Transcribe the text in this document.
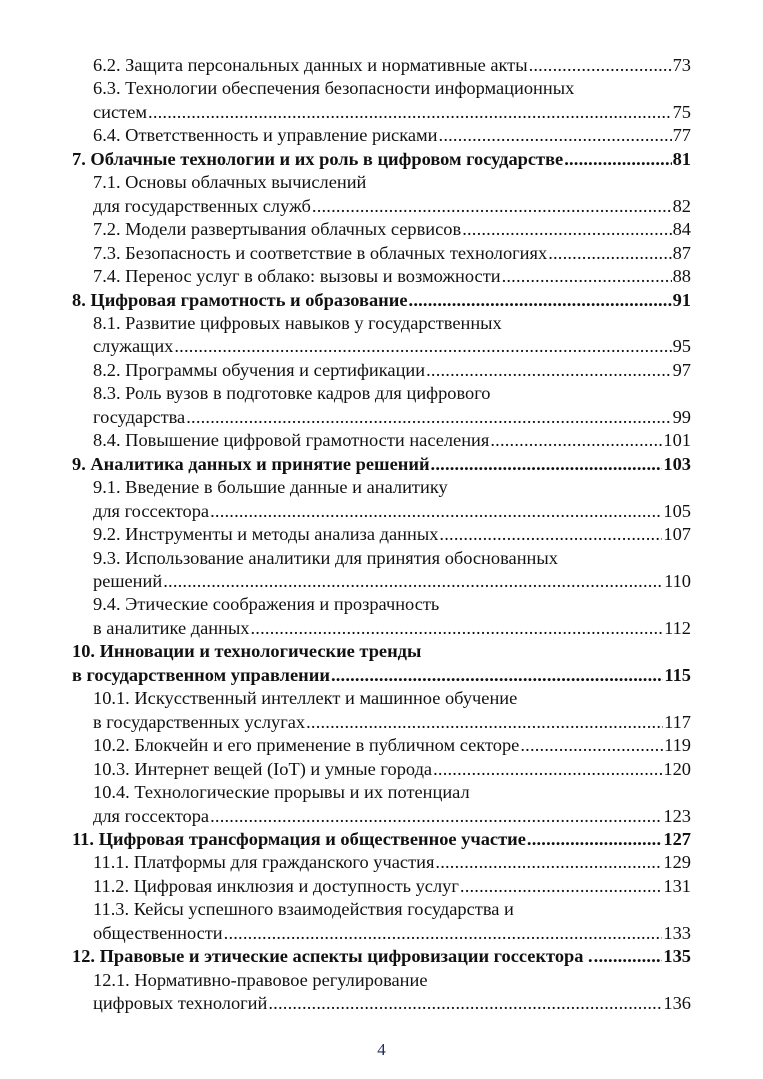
6.2. Защита персональных данных и нормативные акты .....	73
6.3. Технологии обеспечения безопасности информационных
систем .....	75
6.4. Ответственность и управление рисками .....	77
7. Облачные технологии и их роль в цифровом государстве .....	81
7.1. Основы облачных вычислений
для государственных служб .....	82
7.2. Модели развертывания облачных сервисов .....	84
7.3. Безопасность и соответствие в облачных технологиях .....	87
7.4. Перенос услуг в облако: вызовы и возможности .....	88
8. Цифровая грамотность и образование .....	91
8.1. Развитие цифровых навыков у государственных
служащих .....	95
8.2. Программы обучения и сертификации .....	97
8.3. Роль вузов в подготовке кадров для цифрового
государства .....	99
8.4. Повышение цифровой грамотности населения .....	101
9. Аналитика данных и принятие решений .....	103
9.1. Введение в большие данные и аналитику
для госсектора .....	105
9.2. Инструменты и методы анализа данных .....	107
9.3. Использование аналитики для принятия обоснованных
решений .....	110
9.4. Этические соображения и прозрачность
в аналитике данных .....	112
10. Инновации и технологические тренды
в государственном управлении .....	115
10.1. Искусственный интеллект и машинное обучение
в государственных услугах .....	117
10.2. Блокчейн и его применение в публичном секторе .....	119
10.3. Интернет вещей (IoT) и умные города .....	120
10.4. Технологические прорывы и их потенциал
для госсектора .....	123
11. Цифровая трансформация и общественное участие .....	127
11.1. Платформы для гражданского участия .....	129
11.2. Цифровая инклюзия и доступность услуг .....	131
11.3. Кейсы успешного взаимодействия государства и
общественности .....	133
12. Правовые и этические аспекты цифровизации госсектора . .....	135
12.1. Нормативно-правовое регулирование
цифровых технологий .....	136
4
